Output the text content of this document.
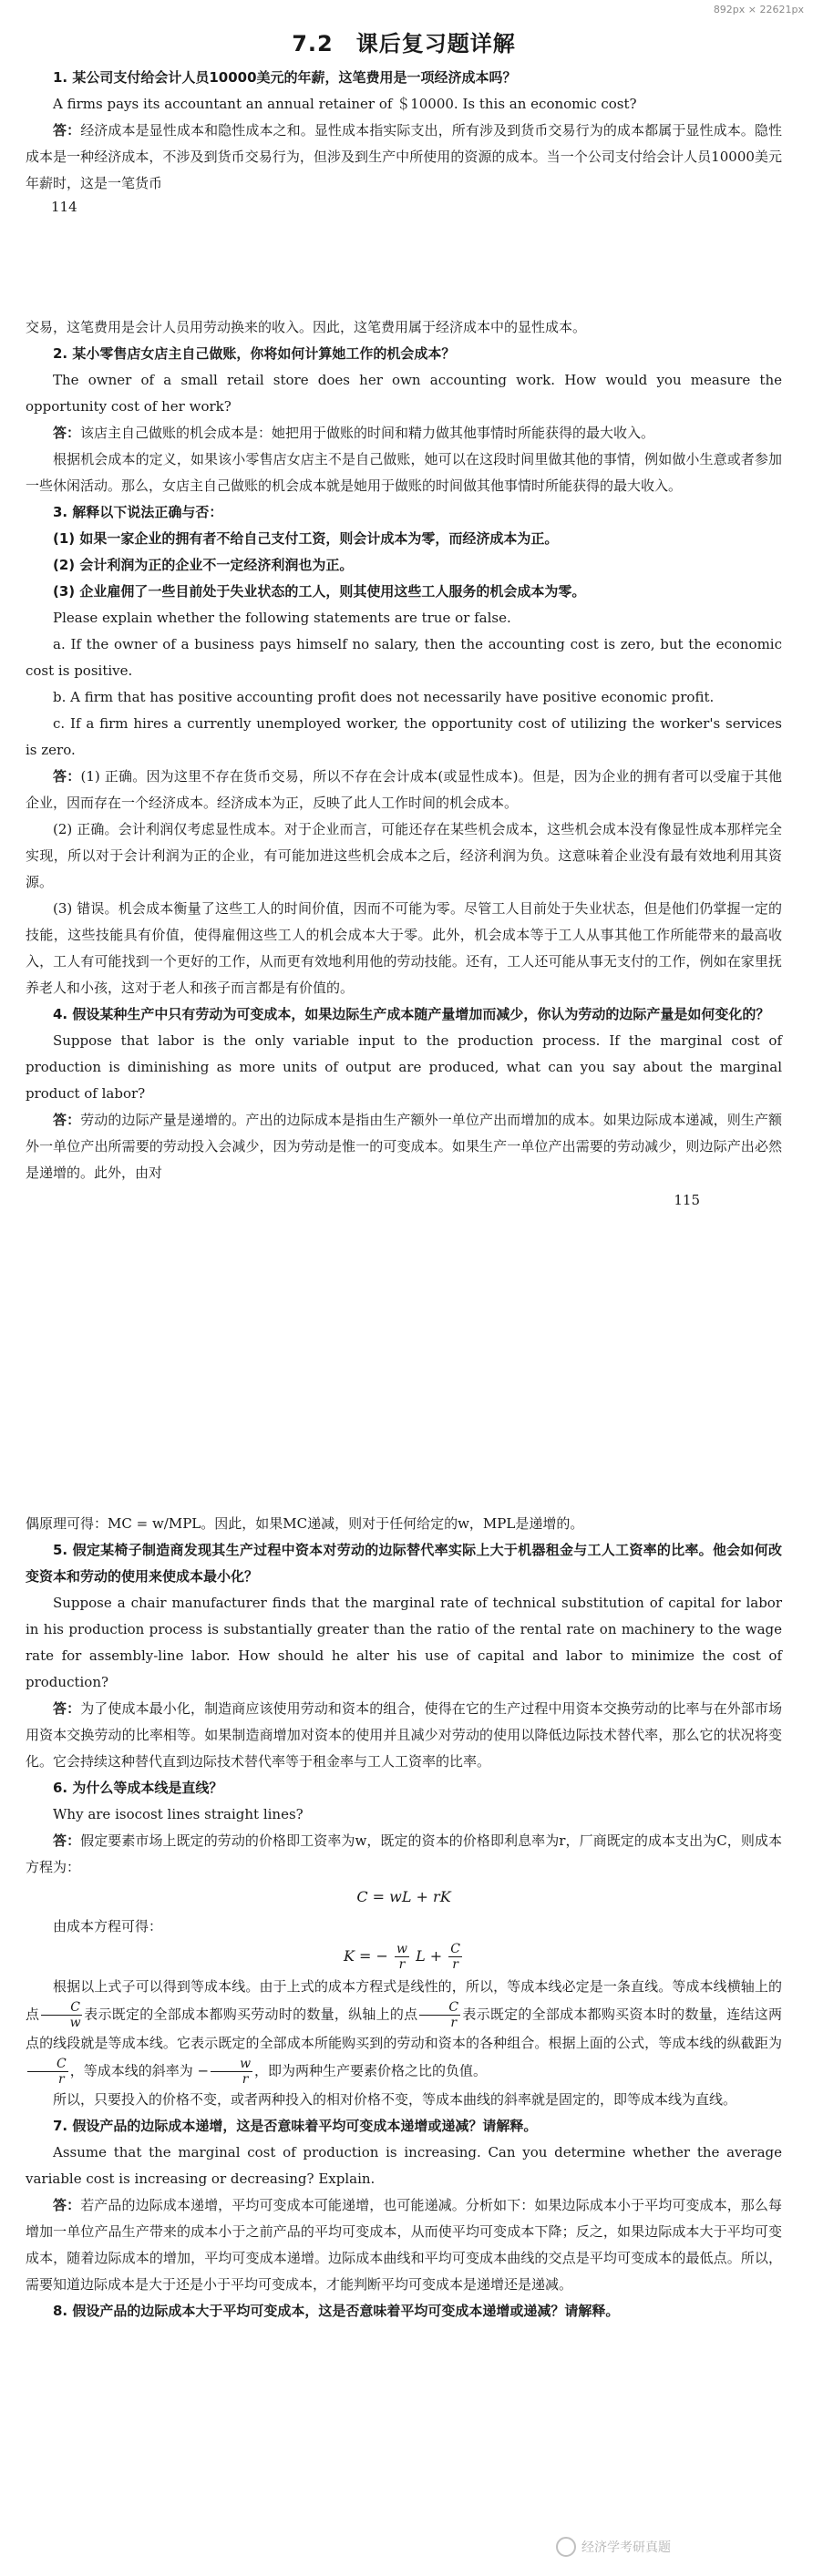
892px × 22621px
7.2　课后复习题详解

1. 某公司支付给会计人员10000美元的年薪，这笔费用是一项经济成本吗？

A firms pays its accountant an annual retainer of ＄10000. Is this an economic cost?

答：经济成本是显性成本和隐性成本之和。显性成本指实际支出，所有涉及到货币交易行为的成本都属于显性成本。隐性成本是一种经济成本，不涉及到货币交易行为，但涉及到生产中所使用的资源的成本。当一个公司支付给会计人员10000美元年薪时，这是一笔货币

114

交易，这笔费用是会计人员用劳动换来的收入。因此，这笔费用属于经济成本中的显性成本。

2. 某小零售店女店主自己做账，你将如何计算她工作的机会成本？

The owner of a small retail store does her own accounting work. How would you measure the opportunity cost of her work?

答：该店主自己做账的机会成本是：她把用于做账的时间和精力做其他事情时所能获得的最大收入。

根据机会成本的定义，如果该小零售店女店主不是自己做账，她可以在这段时间里做其他的事情，例如做小生意或者参加一些休闲活动。那么，女店主自己做账的机会成本就是她用于做账的时间做其他事情时所能获得的最大收入。

3. 解释以下说法正确与否：

(1) 如果一家企业的拥有者不给自己支付工资，则会计成本为零，而经济成本为正。

(2) 会计利润为正的企业不一定经济利润也为正。

(3) 企业雇佣了一些目前处于失业状态的工人，则其使用这些工人服务的机会成本为零。

Please explain whether the following statements are true or false.

a. If the owner of a business pays himself no salary, then the accounting cost is zero, but the economic cost is positive.

b. A firm that has positive accounting profit does not necessarily have positive economic profit.

c. If a firm hires a currently unemployed worker, the opportunity cost of utilizing the worker's services is zero.

答：(1) 正确。因为这里不存在货币交易，所以不存在会计成本(或显性成本)。但是，因为企业的拥有者可以受雇于其他企业，因而存在一个经济成本。经济成本为正，反映了此人工作时间的机会成本。

(2) 正确。会计利润仅考虑显性成本。对于企业而言，可能还存在某些机会成本，这些机会成本没有像显性成本那样完全实现，所以对于会计利润为正的企业，有可能加进这些机会成本之后，经济利润为负。这意味着企业没有最有效地利用其资源。

(3) 错误。机会成本衡量了这些工人的时间价值，因而不可能为零。尽管工人目前处于失业状态，但是他们仍掌握一定的技能，这些技能具有价值，使得雇佣这些工人的机会成本大于零。此外，机会成本等于工人从事其他工作所能带来的最高收入，工人有可能找到一个更好的工作，从而更有效地利用他的劳动技能。还有，工人还可能从事无支付的工作，例如在家里抚养老人和小孩，这对于老人和孩子而言都是有价值的。

4. 假设某种生产中只有劳动为可变成本，如果边际生产成本随产量增加而减少，你认为劳动的边际产量是如何变化的？

Suppose that labor is the only variable input to the production process. If the marginal cost of production is diminishing as more units of output are produced, what can you say about the marginal product of labor?

答：劳动的边际产量是递增的。产出的边际成本是指由生产额外一单位产出而增加的成本。如果边际成本递减，则生产额外一单位产出所需要的劳动投入会减少，因为劳动是惟一的可变成本。如果生产一单位产出需要的劳动减少，则边际产出必然是递增的。此外，由对

115

偶原理可得：MC = w/MPL。因此，如果MC递减，则对于任何给定的w，MPL是递增的。

5. 假定某椅子制造商发现其生产过程中资本对劳动的边际替代率实际上大于机器租金与工人工资率的比率。他会如何改变资本和劳动的使用来使成本最小化？

Suppose a chair manufacturer finds that the marginal rate of technical substitution of capital for labor in his production process is substantially greater than the ratio of the rental rate on machinery to the wage rate for assembly-line labor. How should he alter his use of capital and labor to minimize the cost of production?

答：为了使成本最小化，制造商应该使用劳动和资本的组合，使得在它的生产过程中用资本交换劳动的比率与在外部市场用资本交换劳动的比率相等。如果制造商增加对资本的使用并且减少对劳动的使用以降低边际技术替代率，那么它的状况将变化。它会持续这种替代直到边际技术替代率等于租金率与工人工资率的比率。

6. 为什么等成本线是直线？

Why are isocost lines straight lines?

答：假定要素市场上既定的劳动的价格即工资率为w，既定的资本的价格即利息率为r，厂商既定的成本支出为C，则成本方程为：

C = wL + rK

由成本方程可得：

K = − $\frac{w}{r}$ $L + \frac{C}{r}$

根据以上式子可以得到等成本线。由于上式的成本方程式是线性的，所以，等成本线必定是一条直线。等成本线横轴上的点 $\frac{C}{w}$ 表示既定的全部成本都购买劳动时的数量，纵轴上的点 $\frac{C}{r}$ 表示既定的全部成本都购买资本时的数量，连结这两点的线段就是等成本线。它表示既定的全部成本所能购买到的劳动和资本的各种组合。根据上面的公式，等成本线的纵截距为
$\frac{C}{r}$ ，等成本线的斜率为 − $\frac{w}{r}$ ，即为两种生产要素价格之比的负值。

所以，只要投入的价格不变，或者两种投入的相对价格不变，等成本曲线的斜率就是固定的，即等成本线为直线。

7. 假设产品的边际成本递增，这是否意味着平均可变成本递增或递减？请解释。

Assume that the marginal cost of production is increasing. Can you determine whether the average variable cost is increasing or decreasing? Explain.

答：若产品的边际成本递增，平均可变成本可能递增，也可能递减。分析如下：如果边际成本小于平均可变成本，那么每增加一单位产品生产带来的成本小于之前产品的平均可变成本，从而使平均可变成本下降；反之，如果边际成本大于平均可变成本，随着边际成本的增加，平均可变成本递增。边际成本曲线和平均可变成本曲线的交点是平均可变成本的最低点。所以，需要知道边际成本是大于还是小于平均可变成本，才能判断平均可变成本是递增还是递减。

8. 假设产品的边际成本大于平均可变成本，这是否意味着平均可变成本递增或递减？请解释。

经济学考研真题
